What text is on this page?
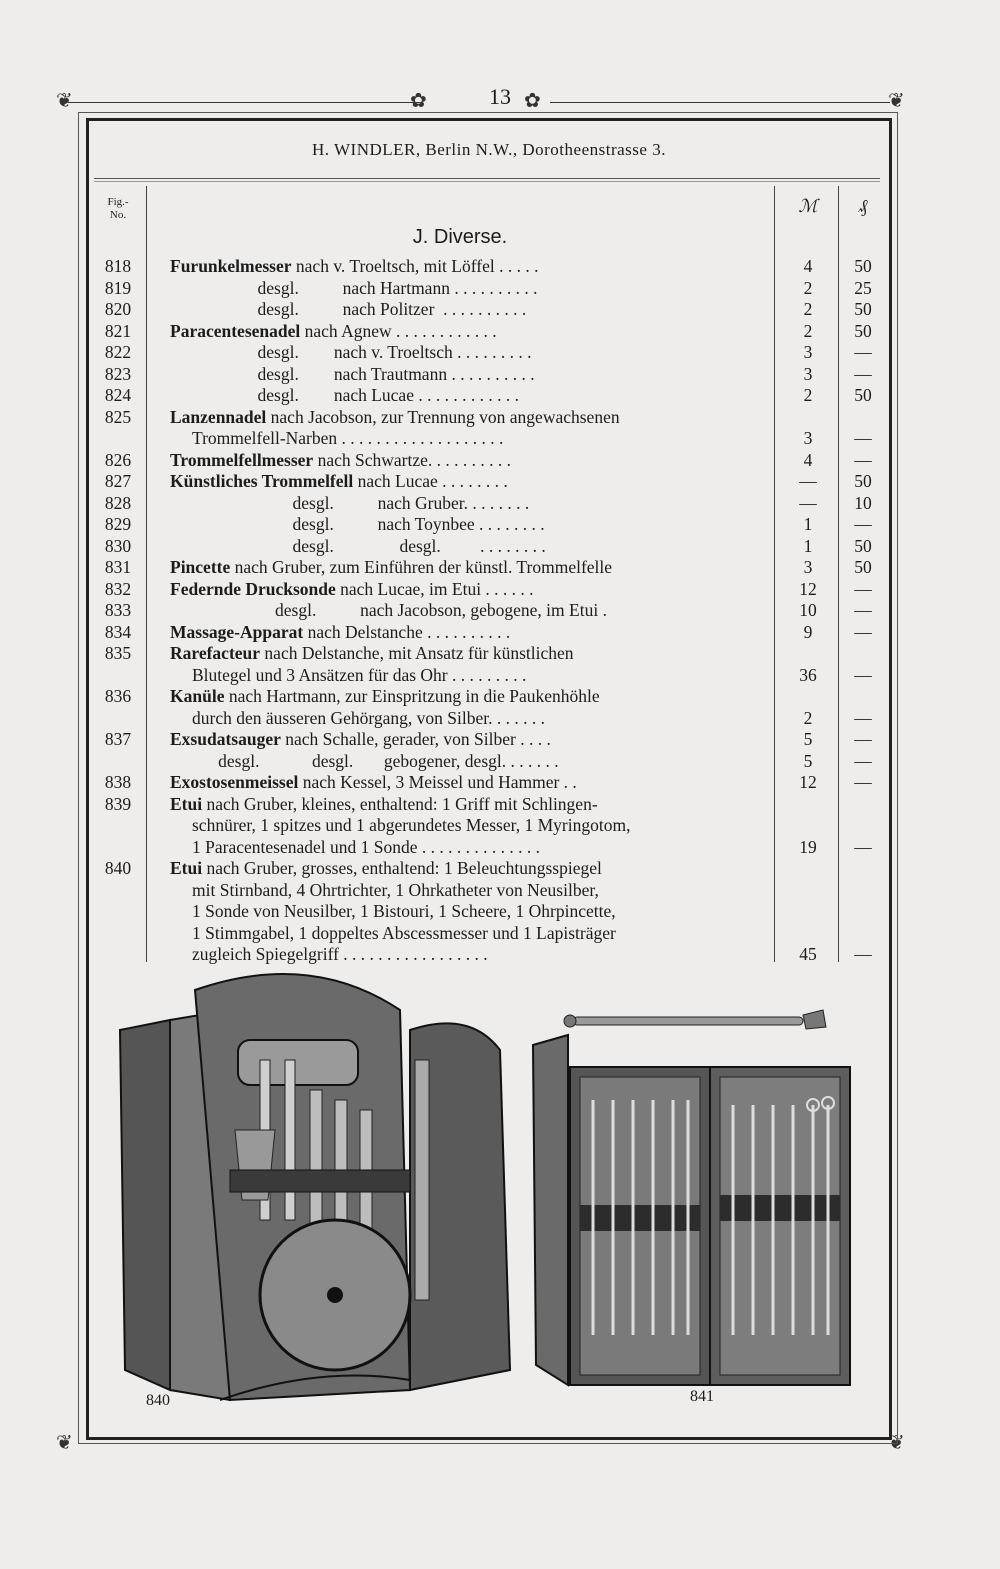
13
❦	✿	✿	❦
❦	❦
H. WINDLER, Berlin N.W., Dorotheenstrasse 3.
Fig.-
No.	ℳ	₰
J. Diverse.
818	Furunkelmesser nach v. Troeltsch, mit Löffel . . . . .	4	50
819	desgl.          nach Hartmann . . . . . . . . . .	2	25
820	desgl.          nach Politzer  . . . . . . . . . .	2	50
821	Paracentesenadel nach Agnew . . . . . . . . . . . .	2	50
822	desgl.        nach v. Troeltsch . . . . . . . . .	3	—
823	desgl.        nach Trautmann . . . . . . . . . .	3	—
824	desgl.        nach Lucae . . . . . . . . . . . .	2	50
825	Lanzennadel nach Jacobson, zur Trennung von angewachsenen
Trommelfell-Narben . . . . . . . . . . . . . . . . . . .	3	—
826	Trommelfellmesser nach Schwartze. . . . . . . . . .	4	—
827	Künstliches Trommelfell nach Lucae . . . . . . . .	—	50
828	desgl.          nach Gruber. . . . . . . .	—	10
829	desgl.          nach Toynbee . . . . . . . .	1	—
830	desgl.               desgl.         . . . . . . . .	1	50
831	Pincette nach Gruber, zum Einführen der künstl. Trommelfelle	3	50
832	Federnde Drucksonde nach Lucae, im Etui . . . . . .	12	—
833	desgl.          nach Jacobson, gebogene, im Etui .	10	—
834	Massage-Apparat nach Delstanche . . . . . . . . . .	9	—
835	Rarefacteur nach Delstanche, mit Ansatz für künstlichen
Blutegel und 3 Ansätzen für das Ohr . . . . . . . . .	36	—
836	Kanüle nach Hartmann, zur Einspritzung in die Paukenhöhle
durch den äusseren Gehörgang, von Silber. . . . . . .	2	—
837	Exsudatsauger nach Schalle, gerader, von Silber . . . .	5	—
desgl.            desgl.       gebogener, desgl. . . . . . .	5	—
838	Exostosenmeissel nach Kessel, 3 Meissel und Hammer . .	12	—
839	Etui nach Gruber, kleines, enthaltend: 1 Griff mit Schlingen-
schnürer, 1 spitzes und 1 abgerundetes Messer, 1 Myringotom,
1 Paracentesenadel und 1 Sonde . . . . . . . . . . . . . .	19	—
840	Etui nach Gruber, grosses, enthaltend: 1 Beleuchtungsspiegel
mit Stirnband, 4 Ohrtrichter, 1 Ohrkatheter von Neusilber,
1 Sonde von Neusilber, 1 Bistouri, 1 Scheere, 1 Ohrpincette,
1 Stimmgabel, 1 doppeltes Abscessmesser und 1 Lapisträger
zugleich Spiegelgriff . . . . . . . . . . . . . . . . .	45	—
840	841
